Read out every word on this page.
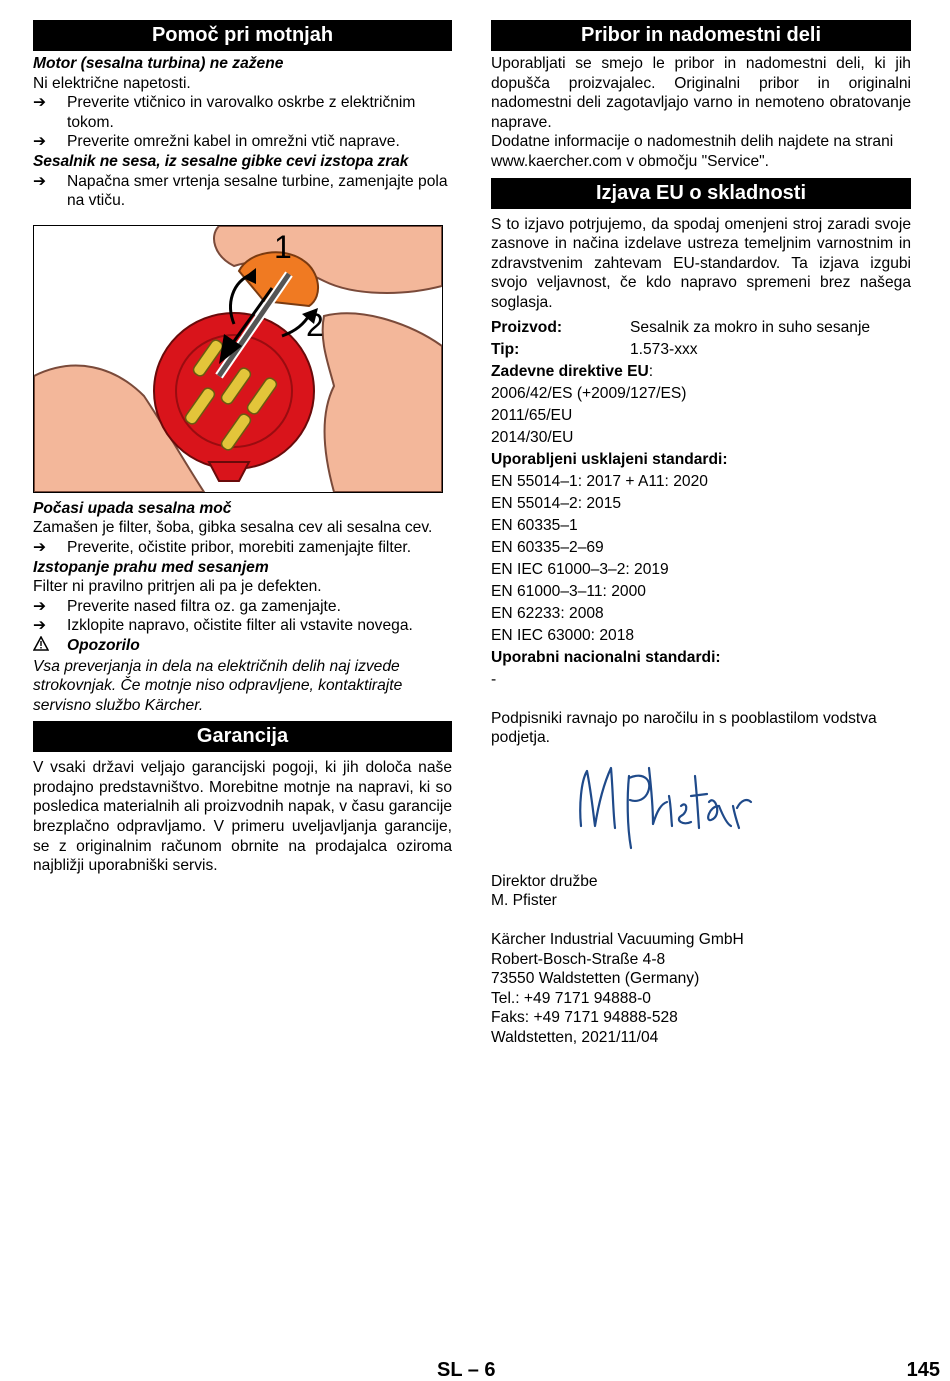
Pomoč pri motnjah

Motor (sesalna turbina) ne zažene

Ni električne napetosti.

➔	Preverite vtičnico in varovalko oskrbe z električnim tokom.
➔	Preverite omrežni kabel in omrežni vtič naprave.

Sesalnik ne sesa, iz sesalne gibke cevi izstopa zrak

➔	Napačna smer vrtenja sesalne turbine, zamenjajte pola na vtiču.
1
2

Počasi upada sesalna moč

Zamašen je filter, šoba, gibka sesalna cev ali sesalna cev.

➔	Preverite, očistite pribor, morebiti zamenjajte filter.

Izstopanje prahu med sesanjem

Filter ni pravilno pritrjen ali pa je defekten.

➔	Preverite nased filtra oz. ga zamenjajte.
➔	Izklopite napravo, očistite filter ali vstavite novega.
Opozorilo

Vsa preverjanja in dela na električnih delih naj izvede strokovnjak. Če motnje niso odpravljene, kontaktirajte servisno službo Kärcher.

Garancija

V vsaki državi veljajo garancijski pogoji, ki jih določa naše prodajno predstavništvo. Morebitne motnje na napravi, ki so posledica materialnih ali proizvodnih napak, v času garancije brezplačno odpravljamo. V primeru uveljavljanja garancije, se z originalnim računom obrnite na prodajalca oziroma najbližji uporabniški servis.

Pribor in nadomestni deli

Uporabljati se smejo le pribor in nadomestni deli, ki jih dopušča proizvajalec. Originalni pribor in originalni nadomestni deli zagotavljajo varno in nemoteno obratovanje naprave.

Dodatne informacije o nadomestnih delih najdete na strani www.kaercher.com v območju "Service".

Izjava EU o skladnosti

S to izjavo potrjujemo, da spodaj omenjeni stroj zaradi svoje zasnove in načina izdelave ustreza temeljnim varnostnim in zdravstvenim zahtevam EU-standardov. Ta izjava izgubi svojo veljavnost, če kdo napravo spremeni brez našega soglasja.

Proizvod:	Sesalnik za mokro in suho sesanje
Tip:	1.573-xxx
Zadevne direktive EU:
2006/42/ES (+2009/127/ES)
2011/65/EU
2014/30/EU
Uporabljeni usklajeni standardi:
EN 55014–1: 2017 + A11: 2020
EN 55014–2: 2015
EN 60335–1
EN 60335–2–69
EN IEC 61000–3–2: 2019
EN 61000–3–11: 2000
EN 62233: 2008
EN IEC 63000: 2018
Uporabni nacionalni standardi:
-

Podpisniki ravnajo po naročilu in s pooblastilom vodstva podjetja.

Direktor družbe

M. Pfister

Kärcher Industrial Vacuuming GmbH

Robert-Bosch-Straße 4-8

73550 Waldstetten (Germany)

Tel.: +49 7171 94888-0

Faks: +49 7171 94888-528

Waldstetten, 2021/11/04

SL – 6	145
